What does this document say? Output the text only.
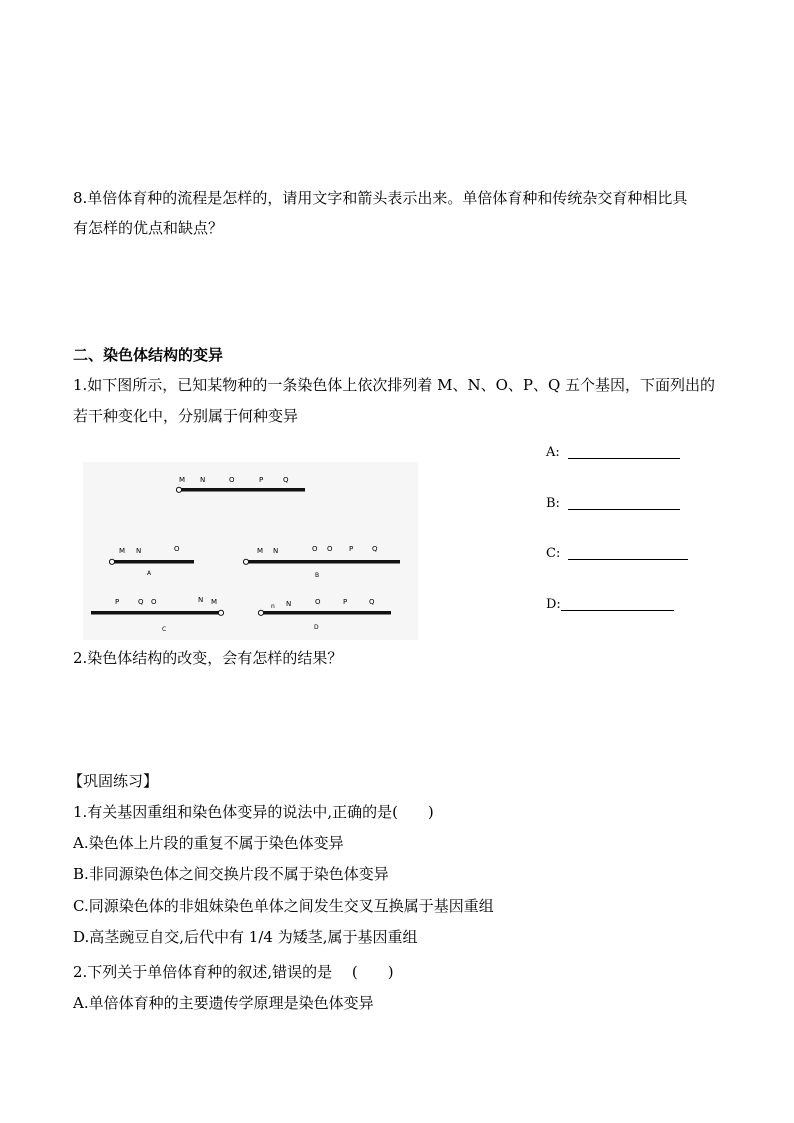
8.单倍体育种的流程是怎样的，请用文字和箭头表示出来。单倍体育种和传统杂交育种相比具
有怎样的优点和缺点？
二、染色体结构的变异
1.如下图所示，已知某物种的一条染色体上依次排列着 M、N、O、P、Q 五个基因，下面列出的
若干种变化中，分别属于何种变异
A:
B:
C:
D:
M N	O	P	Q
M N	O
A
M N	O O P	Q
B
P	Q O	N M
C
n N	O	P	Q
D
2.染色体结构的改变，会有怎样的结果？
【巩固练习】
1.有关基因重组和染色体变异的说法中,正确的是(　　)
A.染色体上片段的重复不属于染色体变异
B.非同源染色体之间交换片段不属于染色体变异
C.同源染色体的非姐妹染色单体之间发生交叉互换属于基因重组
D.高茎豌豆自交,后代中有 1/4 为矮茎,属于基因重组
2.下列关于单倍体育种的叙述,错误的是　 (　　)
A.单倍体育种的主要遗传学原理是染色体变异
